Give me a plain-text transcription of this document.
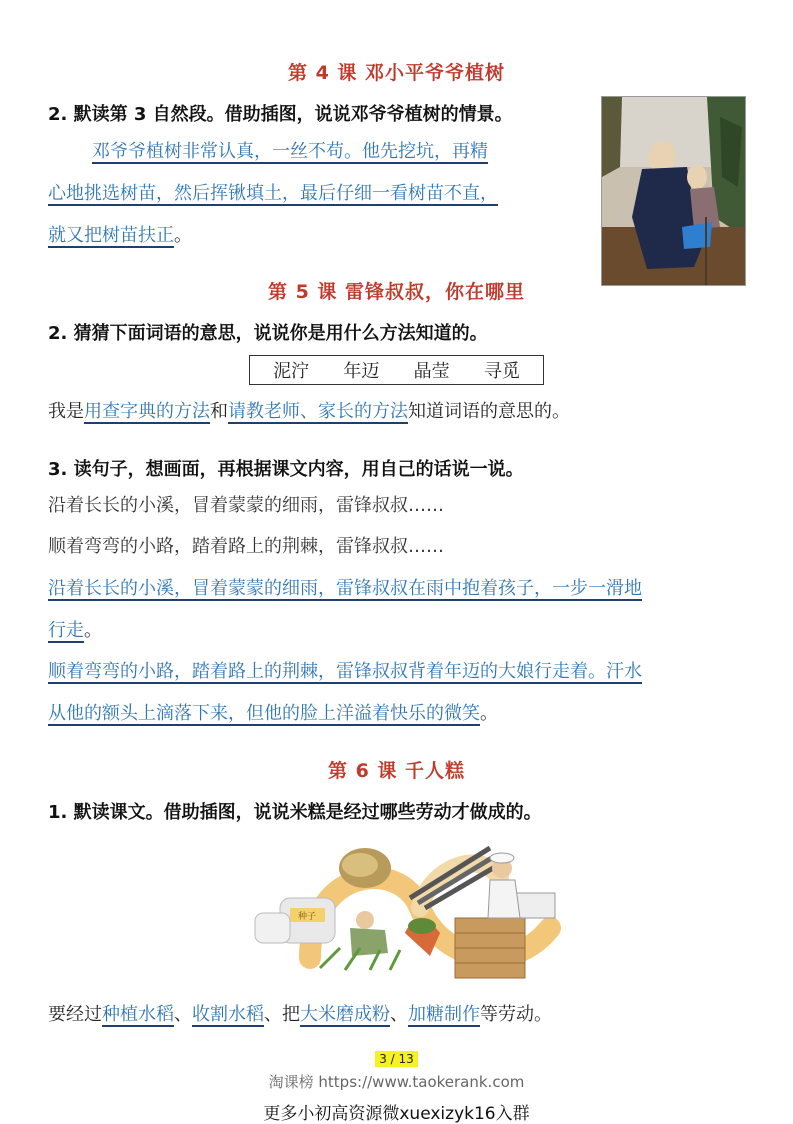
第 4 课 邓小平爷爷植树
2. 默读第 3 自然段。借助插图，说说邓爷爷植树的情景。
邓爷爷植树非常认真，一丝不苟。他先挖坑，再精
心地挑选树苗，然后挥锹填土，最后仔细一看树苗不直，
就又把树苗扶正。
第 5 课 雷锋叔叔，你在哪里
2. 猜猜下面词语的意思，说说你是用什么方法知道的。
泥泞 年迈 晶莹 寻觅
我是用查字典的方法和请教老师、家长的方法知道词语的意思的。
3. 读句子，想画面，再根据课文内容，用自己的话说一说。
沿着长长的小溪，冒着蒙蒙的细雨，雷锋叔叔……
顺着弯弯的小路，踏着路上的荆棘，雷锋叔叔……
沿着长长的小溪，冒着蒙蒙的细雨，雷锋叔叔在雨中抱着孩子，一步一滑地
行走。
顺着弯弯的小路，踏着路上的荆棘，雷锋叔叔背着年迈的大娘行走着。汗水
从他的额头上滴落下来，但他的脸上洋溢着快乐的微笑。
第 6 课 千人糕
1. 默读课文。借助插图，说说米糕是经过哪些劳动才做成的。
种子
要经过种植水稻、收割水稻、把大米磨成粉、加糖制作等劳动。
3 / 13
淘课榜 https://www.taokerank.com
更多小初高资源微xuexizyk16入群
